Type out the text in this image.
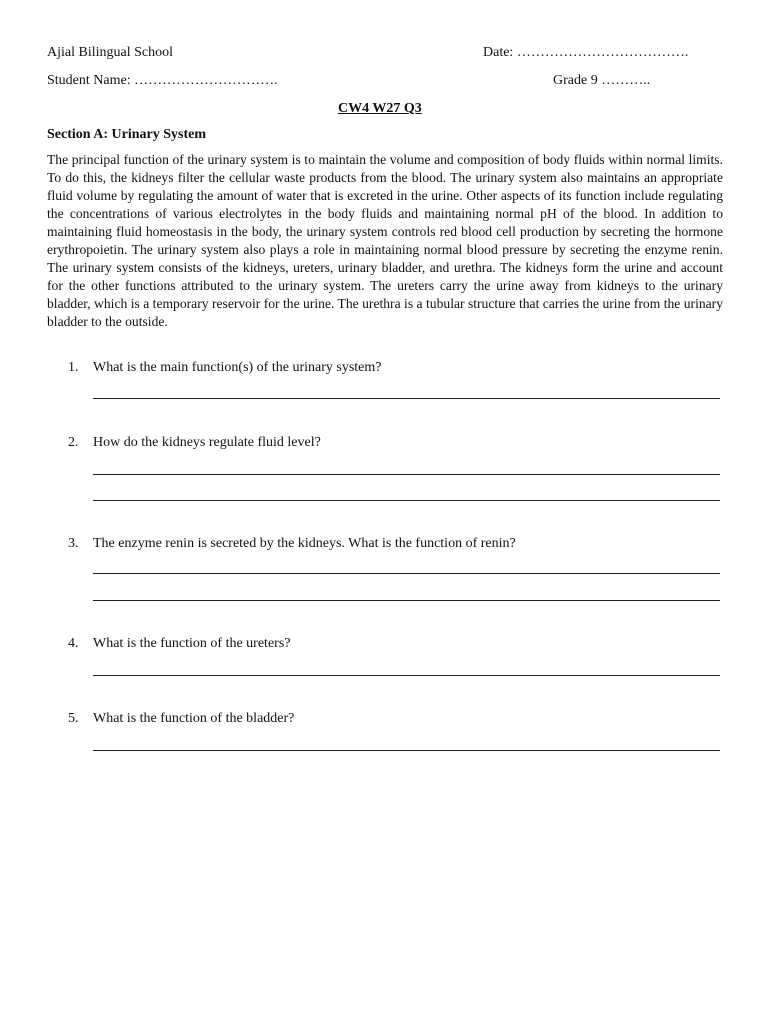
Ajial Bilingual School	Date: ……………………………….
Student Name: ………………………….	Grade 9 ………..
CW4 W27 Q3
Section A: Urinary System
The principal function of the urinary system is to maintain the volume and composition of body fluids within normal limits. To do this, the kidneys filter the cellular waste products from the blood. The urinary system also maintains an appropriate fluid volume by regulating the amount of water that is excreted in the urine. Other aspects of its function include regulating the concentrations of various electrolytes in the body fluids and maintaining normal pH of the blood. In addition to maintaining fluid homeostasis in the body, the urinary system controls red blood cell production by secreting the hormone erythropoietin. The urinary system also plays a role in maintaining normal blood pressure by secreting the enzyme renin. The urinary system consists of the kidneys, ureters, urinary bladder, and urethra. The kidneys form the urine and account for the other functions attributed to the urinary system. The ureters carry the urine away from kidneys to the urinary bladder, which is a temporary reservoir for the urine. The urethra is a tubular structure that carries the urine from the urinary bladder to the outside.
1. What is the main function(s) of the urinary system?
2. How do the kidneys regulate fluid level?
3. The enzyme renin is secreted by the kidneys. What is the function of renin?
4. What is the function of the ureters?
5. What is the function of the bladder?
